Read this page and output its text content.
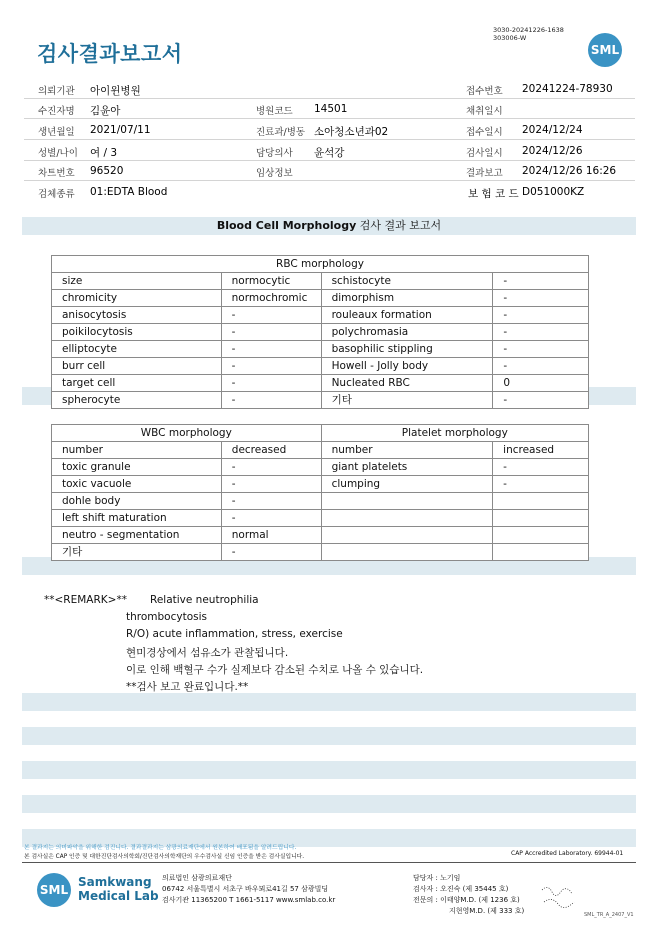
검사결과보고서
3030-20241226-1638
303006-W
SML
의뢰기관 아이윈병원	접수번호 20241224-78930
수진자명 김윤아	병원코드 14501	채취일시
생년월일 2021/07/11	진료과/병동 소아청소년과02	접수일시 2024/12/24
성별/나이 여 / 3	담당의사 윤석강	검사일시 2024/12/26
차트번호 96520	임상정보	결과보고 2024/12/26 16:26
검체종류 01:EDTA Blood	보 험 코 드 D051000KZ
Blood Cell Morphology 검사 결과 보고서
RBC morphology			
size	normocytic	schistocyte	-
chromicity	normochromic	dimorphism	-
anisocytosis	-	rouleaux formation	-
poikilocytosis	-	polychromasia	-
elliptocyte	-	basophilic stippling	-
burr cell	-	Howell - Jolly body	-
target cell	-	Nucleated RBC	0
spherocyte	-	기타	-
WBC morphology		Platelet morphology	
number	decreased	number	increased
toxic granule	-	giant platelets	-
toxic vacuole	-	clumping	-
dohle body	-		
left shift maturation	-		
neutro - segmentation	normal		
기타	-		
**<REMARK>** Relative neutrophilia
thrombocytosis
R/O) acute inflammation, stress, exercise
현미경상에서 섬유소가 관찰됩니다.
이로 인해 백혈구 수가 실제보다 감소된 수치로 나올 수 있습니다.
**검사 보고 완료입니다.**
본 결과지는 의미파악을 위해한 검진니다. 결과결과지는 삼광의료재단에서 원본하여 배포됨을 알려드립니다.
본 검사실은 CAP 인증 및 대한진단검사의학회/진단검사의학재단의 우수검사실 신임 인증을 받은 검사실입니다.	CAP Accredited Laboratory. 69944-01
SML
Samkwang
Medical Lab
의료법인 삼광의료재단
06742 서울특별시 서초구 바우뫼로41길 57 삼광빌딩
검사기관 11365200 T 1661-5117 www.smlab.co.kr
담당자 : 노기임
검사자 : 오진숙 (제 35445 호)
전문의 : 이태양M.D. (제 1236 호)
지현영M.D. (제 333 호)	SML_TR_A_2407_V1
